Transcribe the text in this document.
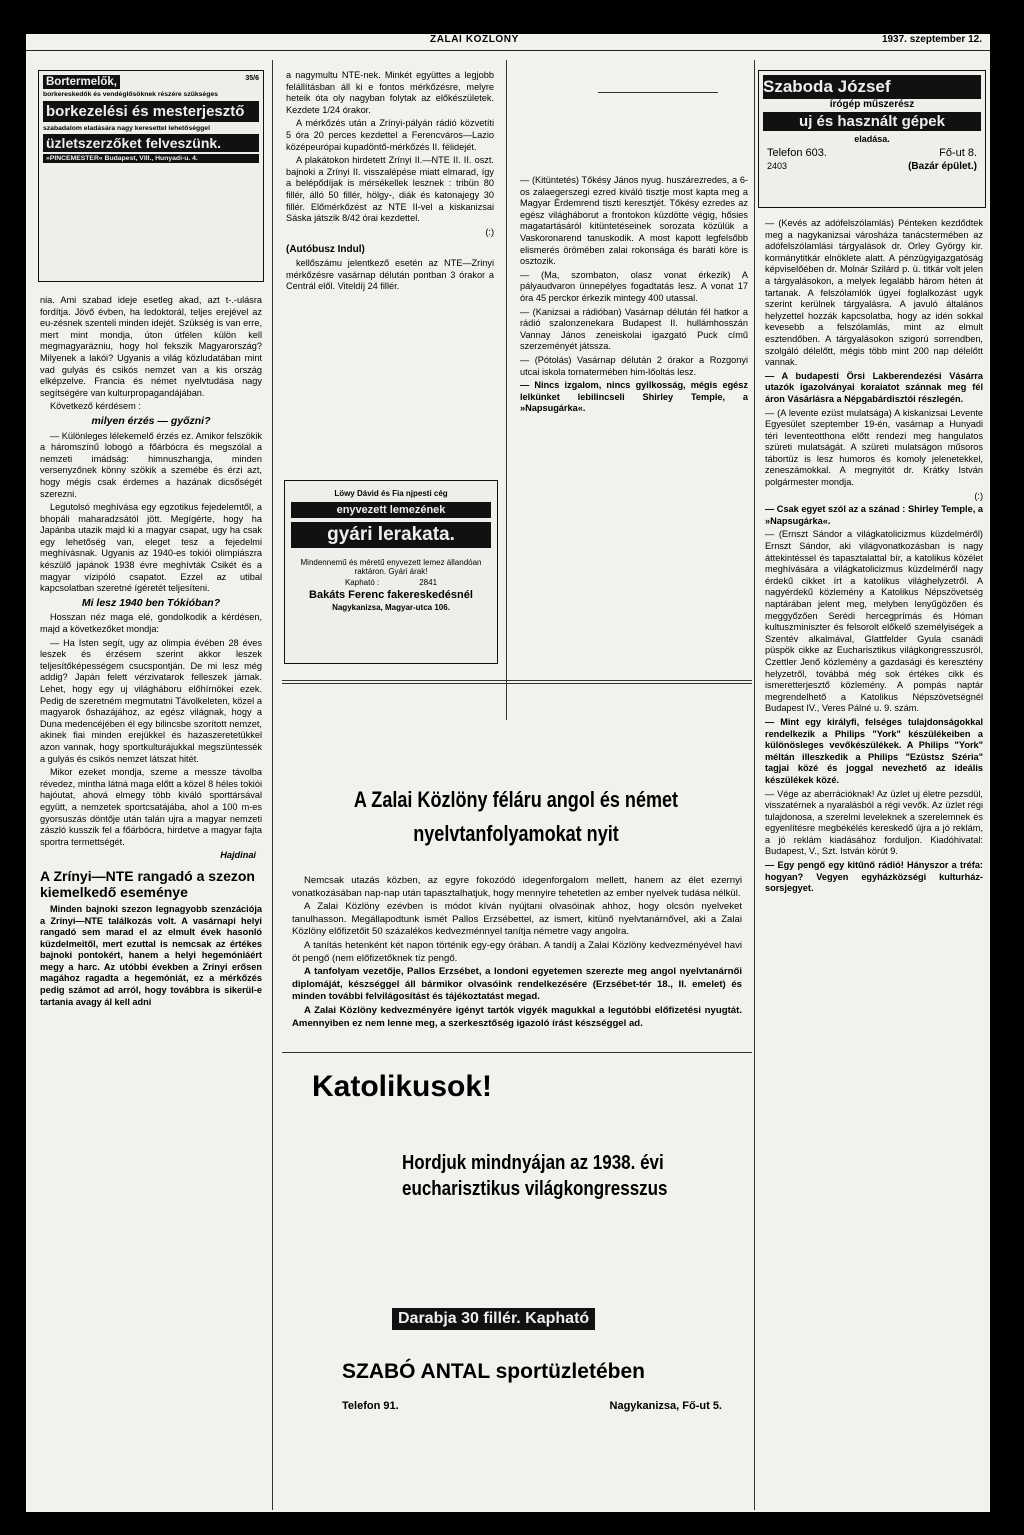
ZALAI KÖZLÖNY	1937. szeptember 12.
Bortermelők,	35/6
borkereskedők és vendéglősöknek részére szükséges
borkezelési és mesterjesztő
szabadalom eladására nagy keresettel lehetőséggel
üzletszerzőket felveszünk.
»PINCEMESTER« Budapest, VIII., Hunyadi-u. 4.

nia. Ami szabad ideje esetleg akad, azt t-.-ulásra fordítja. Jövő évben, ha ledoktorál, teljes erejével az eu-zésnek szenteli minden idejét. Szükség is van erre, mert mint mondja, úton útfélen külön kell megmagyarázniu, hogy hol fekszik Magyarország? Milyenek a lakói? Ugyanis a világ közludatában mint vad gulyás és csikós nemzet van a kis ország elképzelve. Francia és német nyelvtudása nagy segítségére van kulturpropagandájában.

Következő kérdésem :

milyen érzés — győzni?

— Különleges lélekemelő érzés ez. Amikor felszökik a háromszínű lobogó a főárbócra és megszólal a nemzeti imádság: himnuszhangja, minden versenyzőnek könny szökik a szemébe és érzi azt, hogy mégis csak érdemes a hazának dicsőségét szerezni.

Legutolsó meghívása egy egzotikus fejedelemtől, a bhopáli maharadzsától jött. Megígérte, hogy ha Japánba utazik majd ki a magyar csapat, ugy ha csak egy lehetőség van, eleget tesz a fejedelmi meghívásnak. Ugyanis az 1940-es tokiói olimpiászra készülő japánok 1938 évre meghívták Csikét és a magyar vízipóló csapatot. Ezzel az utibal kapcsolatban szeretné ígéretét teljesíteni.

Mi lesz 1940 ben Tókióban?

Hosszan néz maga elé, gondolkodik a kérdésen, majd a következőket mondja:

— Ha Isten segít, ugy az olimpia évében 28 éves leszek és érzésem szerint akkor leszek teljesítőképességem csucspontján. De mi lesz még addig? Japán felett vérzivatarok felleszek járnak. Lehet, hogy egy uj világháboru előhírnökei ezek. Pedig de szeretném megmutatni Távolkeleten, közel a magyarok őshazájához, az egész világnak, hogy a Duna medencéjében él egy bilincsbe szorított nemzet, akinek fiai minden erejükkel és hazaszeretetükkel azon vannak, hogy sportkulturájukkal megszüntessék a gulyás és csikós nemzet látszat hitét.

Mikor ezeket mondja, szeme a messze távolba révedez, mintha látná maga előtt a közel 8 héles tokiói hajóutat, ahová elmegy több kiváló sporttársával együtt, a nemzetek sportcsatájába, ahol a 100 m-es gyorsuszás döntője után talán ujra a magyar nemzeti zászló kusszik fel a főárbócra, hirdetve a magyar fajta sportra termettségét.

Hajdinai
A Zrínyi—NTE rangadó a szezon kiemelkedő eseménye

Minden bajnoki szezon legnagyobb szenzációja a Zrínyi—NTE találkozás volt. A vasárnapi helyi rangadó sem marad el az elmult évek hasonló küzdelmeitől, mert ezuttal is nemcsak az értékes bajnoki pontokért, hanem a helyi hegemóniáért megy a harc. Az utóbbi években a Zrínyi erősen magához ragadta a hegemóniát, ez a mérkőzés pedig számot ad arról, hogy továbbra is sikerül-e tartania avagy ál kell adni

a nagymultu NTE-nek. Minkét együttes a legjobb felállításban áll ki e fontos mérkőzésre, melyre heteik óta oly nagyban folytak az előkészületek. Kezdete 1/24 órakor.

A mérkőzés után a Zrínyi-pályán rádió közvetíti 5 óra 20 perces kezdettel a Ferencváros—Lazio középeurópai kupadöntő-mérkőzés II. félidejét.

A plakátokon hirdetett Zrínyi II.—NTE II. II. oszt. bajnoki a Zrínyi II. visszalépése miatt elmarad, így a belépődíjak is mérsékellek lesznek : tribün 80 fillér, álló 50 fillér, hölgy-, diák és katonajegy 30 fillér. Előmérkőzést az NTE II-vel a kiskanizsai Sáska játszik 8/42 órai kezdettel.

(:)

(Autóbusz Indul)

kellőszámu jelentkező esetén az NTE—Zrinyi mérkőzésre vasárnap délután pontban 3 órakor a Centrál elől. Viteldíj 24 fillér.

Löwy Dávid és Fia njpesti cég
enyvezett lemezének
gyári lerakata.
Mindennemű és méretű enyvezett lemez állandóan raktáron. Gyári árak!
Kapható :	2841
Bakáts Ferenc fakereskedésnél
Nagykanizsa, Magyar-utca 106.

— (Kitüntetés) Tőkésy János nyug. huszárezredes, a 6-os zalaegerszegi ezred kiváló tisztje most kapta meg a Magyar Érdemrend tiszti keresztjét. Tőkésy ezredes az egész világháborut a frontokon küzdötte végig, hősies magatartásáról kitüntetéseinek sorozata közülük a Vaskoronarend tanuskodik. A most kapott legfelsőbb elismerés örömében zalai rokonsága és baráti köre is osztozik.

— (Ma, szombaton, olasz vonat érkezik) A pályaudvaron ünnepélyes fogadtatás lesz. A vonat 17 óra 45 perckor érkezik mintegy 400 utassal.

— (Kanizsai a rádióban) Vasárnap délután fél hatkor a rádió szalonzenekara Budapest II. hullámhosszán Vannay János zeneiskolai igazgató Puck című szerzeményét játssza.

— (Pótolás) Vasárnap délután 2 órakor a Rozgonyi utcai iskola tornatermében him-lőoltás lesz.

— Nincs izgalom, nincs gyilkosság, mégis egész lelkünket lebilincseli Shirley Temple, a »Napsugárka«.

Szaboda József
írógép műszerész
uj és használt gépek
eladása.
Telefon 603.	Fő-ut 8.
2403	(Bazár épület.)

— (Kevés az adófelszólamlás) Pénteken kezdődtek meg a nagykanizsai városháza tanácstermében az adófelszólamlási tárgyalások dr. Orley György kir. kormánytitkár elnöklete alatt. A pénzügyigazgatóság képviselőében dr. Molnár Szilárd p. ü. titkár volt jelen a tárgyalásokon, a melyek legalább három héten át tartanak. A felszólamlók ügyei foglalkozást ugyk szerint kerülnek tárgyalásra. A javuló általános helyzettel hozzák kapcsolatba, hogy az idén sokkal kevesebb a felszólamlás, mint az elmult esztendőben. A tárgyalásokon szigorú sorrendben, szolgáló délelőtt, mégis több mint 200 nap délelőtt vannak.

— A budapesti Örsi Lakberendezési Vásárra utazók igazolványai koraiatot szánnak meg fél áron Vásárlásra a Népgabárdisztói részlegén.

— (A levente ezüst mulatsága) A kiskanizsai Levente Egyesület szeptember 19-én, vasárnap a Hunyadi téri leventeotthona előtt rendezi meg hangulatos szüreti mulatságát. A szüreti mulatságon műsoros tábortüz is lesz humoros és komoly jelenetekkel, zeneszámokkal. A megnyitót dr. Krátky István polgármester mondja.

(:)

— Csak egyet szól az a szánad : Shirley Temple, a »Napsugárka«.

— (Ernszt Sándor a világkatolicizmus küzdelméről) Ernszt Sándor, aki világvonatkozásban is nagy áttekintéssel és tapasztalattal bír, a katolikus közélet meghívására a világkatolicizmus küzdelméről nagy érdekű cikket írt a katolikus világhelyzetről. A nagyérdekű közlemény a Katolikus Népszövetség naptárában jelent meg, melyben lenyűgözően és meggyőzően Serédi hercegprímás és Hóman kultuszminiszter és felsorolt előkelő személyiségek a Szentév alkalmával, Glattfelder Gyula csanádi püspök cikke az Eucharisztikus világkongresszusról, Czettler Jenő közlemény a gazdasági és keresztény helyzetről, továbbá még sok értékes cikk és ismeretterjesztő közlemény. A pompás naptár megrendelhető a Katolikus Népszövetségnél Budapest IV., Veres Pálné u. 9. szám.

— Mint egy királyfi, felséges tulajdonságokkal rendelkezik a Philips "York" készülékeiben a különösleges vevőkészülékek. A Philips "York" méltán illeszkedik a Philips "Ezüstsz Széria" tagjai közé és joggal nevezhető az ideális készülékek közé.

— Vége az aberrációknak! Az üzlet uj életre pezsdül, visszatérnek a nyaralásból a régi vevők. Az üzlet régi tulajdonosa, a szerelmi leveleknek a szerelemnek és egyenlítésre megbékélés kereskedő újra a jó reklám, a jó reklám kiadásához forduljon. Kiadóhivatal: Budapest, V., Szt. István körút 9.

— Egy pengő egy kitűnő rádió! Hányszor a tréfa: hogyan? Vegyen egyházközségi kulturház-sorsjegyet.

A Zalai Közlöny féláru angol és német
nyelvtanfolyamokat nyit

Nemcsak utazás közben, az egyre fokozódó idegenforgalom mellett, hanem az élet ezernyi vonatkozásában nap-nap után tapasztalhatjuk, hogy mennyire tehetetlen az ember nyelvek tudása nélkül.

A Zalai Közlöny ezévben is módot kíván nyújtani olvasóinak ahhoz, hogy olcsón nyelveket tanulhasson. Megállapodtunk ismét Pallos Erzsébettel, az ismert, kitünő nyelvtanárnővel, aki a Zalai Közlöny előfizetőit 50 százalékos kedvezménnyel tanítja németre vagy angolra.

A tanítás hetenként két napon történik egy-egy órában. A tandíj a Zalai Közlöny kedvezményével havi öt pengő (nem előfizetőknek tíz pengő.

A tanfolyam vezetője, Pallos Erzsébet, a londoni egyetemen szerezte meg angol nyelvtanárnői diplomáját, készséggel áll bármikor olvasóink rendelkezésére (Erzsébet-tér 18., II. emelet) és minden további felvilágosítást és tájékoztatást megad.

A Zalai Közlöny kedvezményére igényt tartók vigyék magukkal a legutóbbi előfizetési nyugtát. Amennyiben ez nem lenne meg, a szerkesztőség igazoló írást készséggel ad.

Katolikusok!
Hordjuk mindnyájan az 1938. évi eucharisztikus világkongresszus
Darabja 30 fillér. Kapható
SZABÓ ANTAL sportüzletében
Telefon 91.	Nagykanizsa, Fő-ut 5.
